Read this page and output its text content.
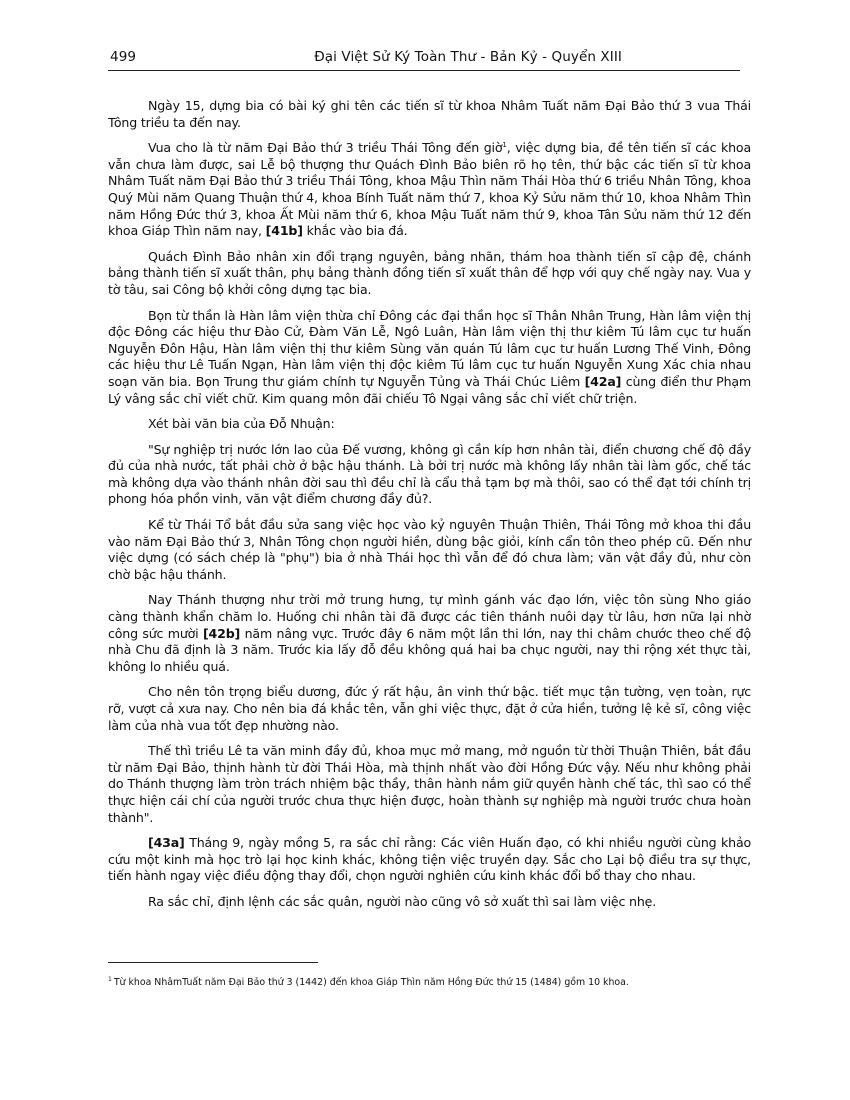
499	Đại Việt Sử Ký Toàn Thư - Bản Kỷ - Quyển XIII

Ngày 15, dựng bia có bài ký ghi tên các tiến sĩ từ khoa Nhâm Tuất năm Đại Bảo thứ 3 vua Thái Tông triều ta đến nay.

Vua cho là từ năm Đại Bảo thứ 3 triều Thái Tông đến giờ$^1$, việc dựng bia, đề tên tiến sĩ các khoa vẫn chưa làm được, sai Lễ bộ thượng thư Quách Đình Bảo biên rõ họ tên, thứ bậc các tiến sĩ từ khoa Nhâm Tuất năm Đại Bảo thứ 3 triều Thái Tông, khoa Mậu Thìn năm Thái Hòa thứ 6 triều Nhân Tông, khoa Quý Mùi năm Quang Thuận thứ 4, khoa Bính Tuất năm thứ 7, khoa Kỷ Sửu năm thứ 10, khoa Nhâm Thìn năm Hồng Đức thứ 3, khoa Ất Mùi năm thứ 6, khoa Mậu Tuất năm thứ 9, khoa Tân Sửu năm thứ 12 đến khoa Giáp Thìn năm nay, [41b] khắc vào bia đá.

Quách Đình Bảo nhân xin đổi trạng nguyên, bảng nhãn, thám hoa thành tiến sĩ cập đệ, chánh bảng thành tiến sĩ xuất thân, phụ bảng thành đồng tiến sĩ xuất thân để hợp với quy chế ngày nay. Vua y tờ tâu, sai Công bộ khởi công dựng tạc bia.

Bọn từ thần là Hàn lâm viện thừa chỉ Đông các đại thần học sĩ Thân Nhân Trung, Hàn lâm viện thị độc Đông các hiệu thư Đào Cử, Đàm Văn Lễ, Ngô Luân, Hàn lâm viện thị thư kiêm Tú lâm cục tư huấn Nguyễn Đôn Hậu, Hàn lâm viện thị thư kiêm Sùng văn quán Tú lâm cục tư huấn Lương Thế Vinh, Đông các hiệu thư Lê Tuấn Ngạn, Hàn lâm viện thị độc kiêm Tú lâm cục tư huấn Nguyễn Xung Xác chia nhau soạn văn bia. Bọn Trung thư giám chính tự Nguyễn Tủng và Thái Chúc Liêm [42a] cùng điển thư Phạm Lý vâng sắc chỉ viết chữ. Kim quang môn đãi chiếu Tô Ngại vâng sắc chỉ viết chữ triện.

Xét bài văn bia của Đỗ Nhuận:

"Sự nghiệp trị nước lớn lao của Đế vương, không gì cần kíp hơn nhân tài, điển chương chế độ đầy đủ của nhà nước, tất phải chờ ở bậc hậu thánh. Là bởi trị nước mà không lấy nhân tài làm gốc, chế tác mà không dựa vào thánh nhân đời sau thì đều chỉ là cẩu thả tạm bợ mà thôi, sao có thể đạt tới chính trị phong hóa phồn vinh, văn vật điểm chương đầy đủ?.

Kể từ Thái Tổ bắt đầu sửa sang việc học vào kỷ nguyên Thuận Thiên, Thái Tông mở khoa thi đầu vào năm Đại Bảo thứ 3, Nhân Tông chọn người hiền, dùng bậc giỏi, kính cẩn tôn theo phép cũ. Đến như việc dựng (có sách chép là "phụ") bia ở nhà Thái học thì vẫn để đó chưa làm; văn vật đầy đủ, như còn chờ bậc hậu thánh.

Nay Thánh thượng như trời mở trung hưng, tự mình gánh vác đạo lớn, việc tôn sùng Nho giáo càng thành khẩn chăm lo. Huống chi nhân tài đã được các tiên thánh nuôi dạy từ lâu, hơn nữa lại nhờ công sức mười [42b] năm nâng vực. Trước đây 6 năm một lần thi lớn, nay thi châm chước theo chế độ nhà Chu đã định là 3 năm. Trước kia lấy đỗ đều không quá hai ba chục người, nay thi rộng xét thực tài, không lo nhiều quá.

Cho nên tôn trọng biểu dương, đức ý rất hậu, ân vinh thứ bậc. tiết mục tận tường, vẹn toàn, rực rỡ, vượt cả xưa nay. Cho nên bia đá khắc tên, vẫn ghi việc thực, đặt ở cửa hiền, tưởng lệ kẻ sĩ, công việc làm của nhà vua tốt đẹp nhường nào.

Thế thì triều Lê ta văn minh đầy đủ, khoa mục mở mang, mở nguồn từ thời Thuận Thiên, bắt đầu từ năm Đại Bảo, thịnh hành từ đời Thái Hòa, mà thịnh nhất vào đời Hồng Đức vậy. Nếu như không phải do Thánh thượng làm tròn trách nhiệm bậc thầy, thân hành nắm giữ quyền hành chế tác, thì sao có thể thực hiện cái chí của người trước chưa thực hiện được, hoàn thành sự nghiệp mà người trước chưa hoàn thành".

[43a] Tháng 9, ngày mồng 5, ra sắc chỉ rằng: Các viên Huấn đạo, có khi nhiều người cùng khảo cứu một kinh mà học trò lại học kinh khác, không tiện việc truyền dạy. Sắc cho Lại bộ điều tra sự thực, tiến hành ngay việc điều động thay đổi, chọn người nghiên cứu kinh khác đổi bổ thay cho nhau.

Ra sắc chỉ, định lệnh các sắc quân, người nào cũng vô sở xuất thì sai làm việc nhẹ.

$^1$ Từ khoa NhâmTuất năm Đại Bảo thứ 3 (1442) đến khoa Giáp Thìn năm Hồng Đức thứ 15 (1484) gồm 10 khoa.
